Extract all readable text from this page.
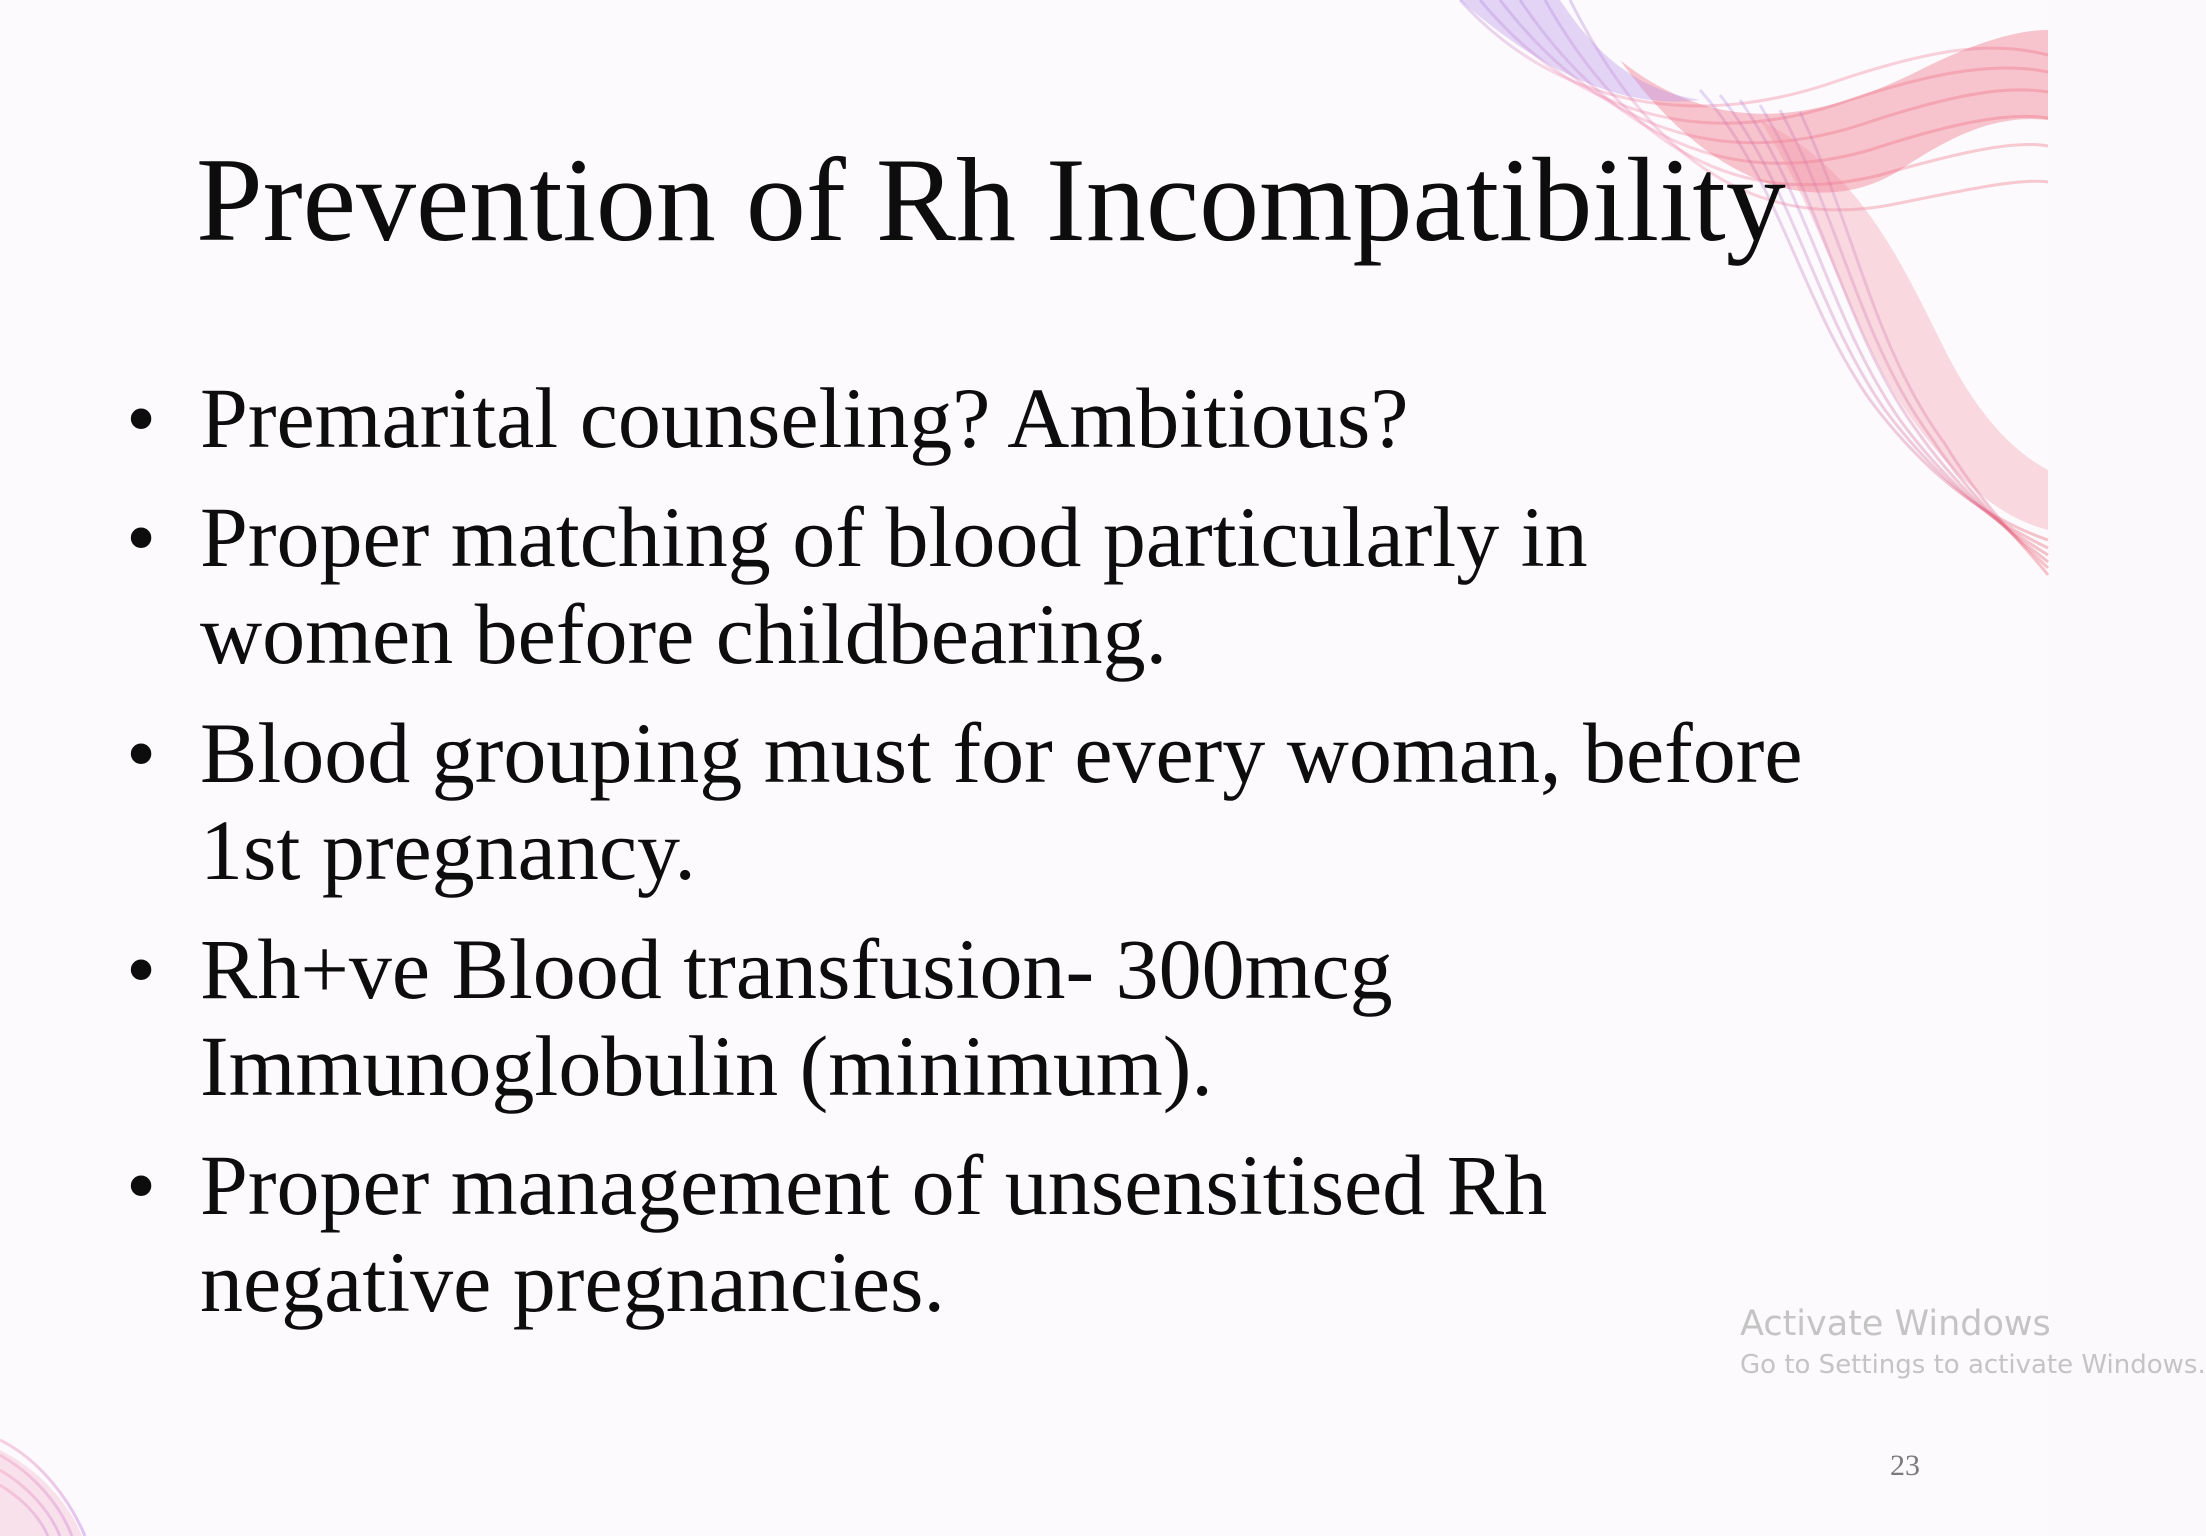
Prevention of Rh Incompatibility
• Premarital counseling? Ambitious?
• Proper matching of blood particularly in
women before childbearing.
• Blood grouping must for every woman, before
1st pregnancy.
• Rh+ve Blood transfusion- 300mcg
Immunoglobulin (minimum).
• Proper management of unsensitised Rh
negative pregnancies.	Activate Windows
Go to Settings to activate Windows.
23
